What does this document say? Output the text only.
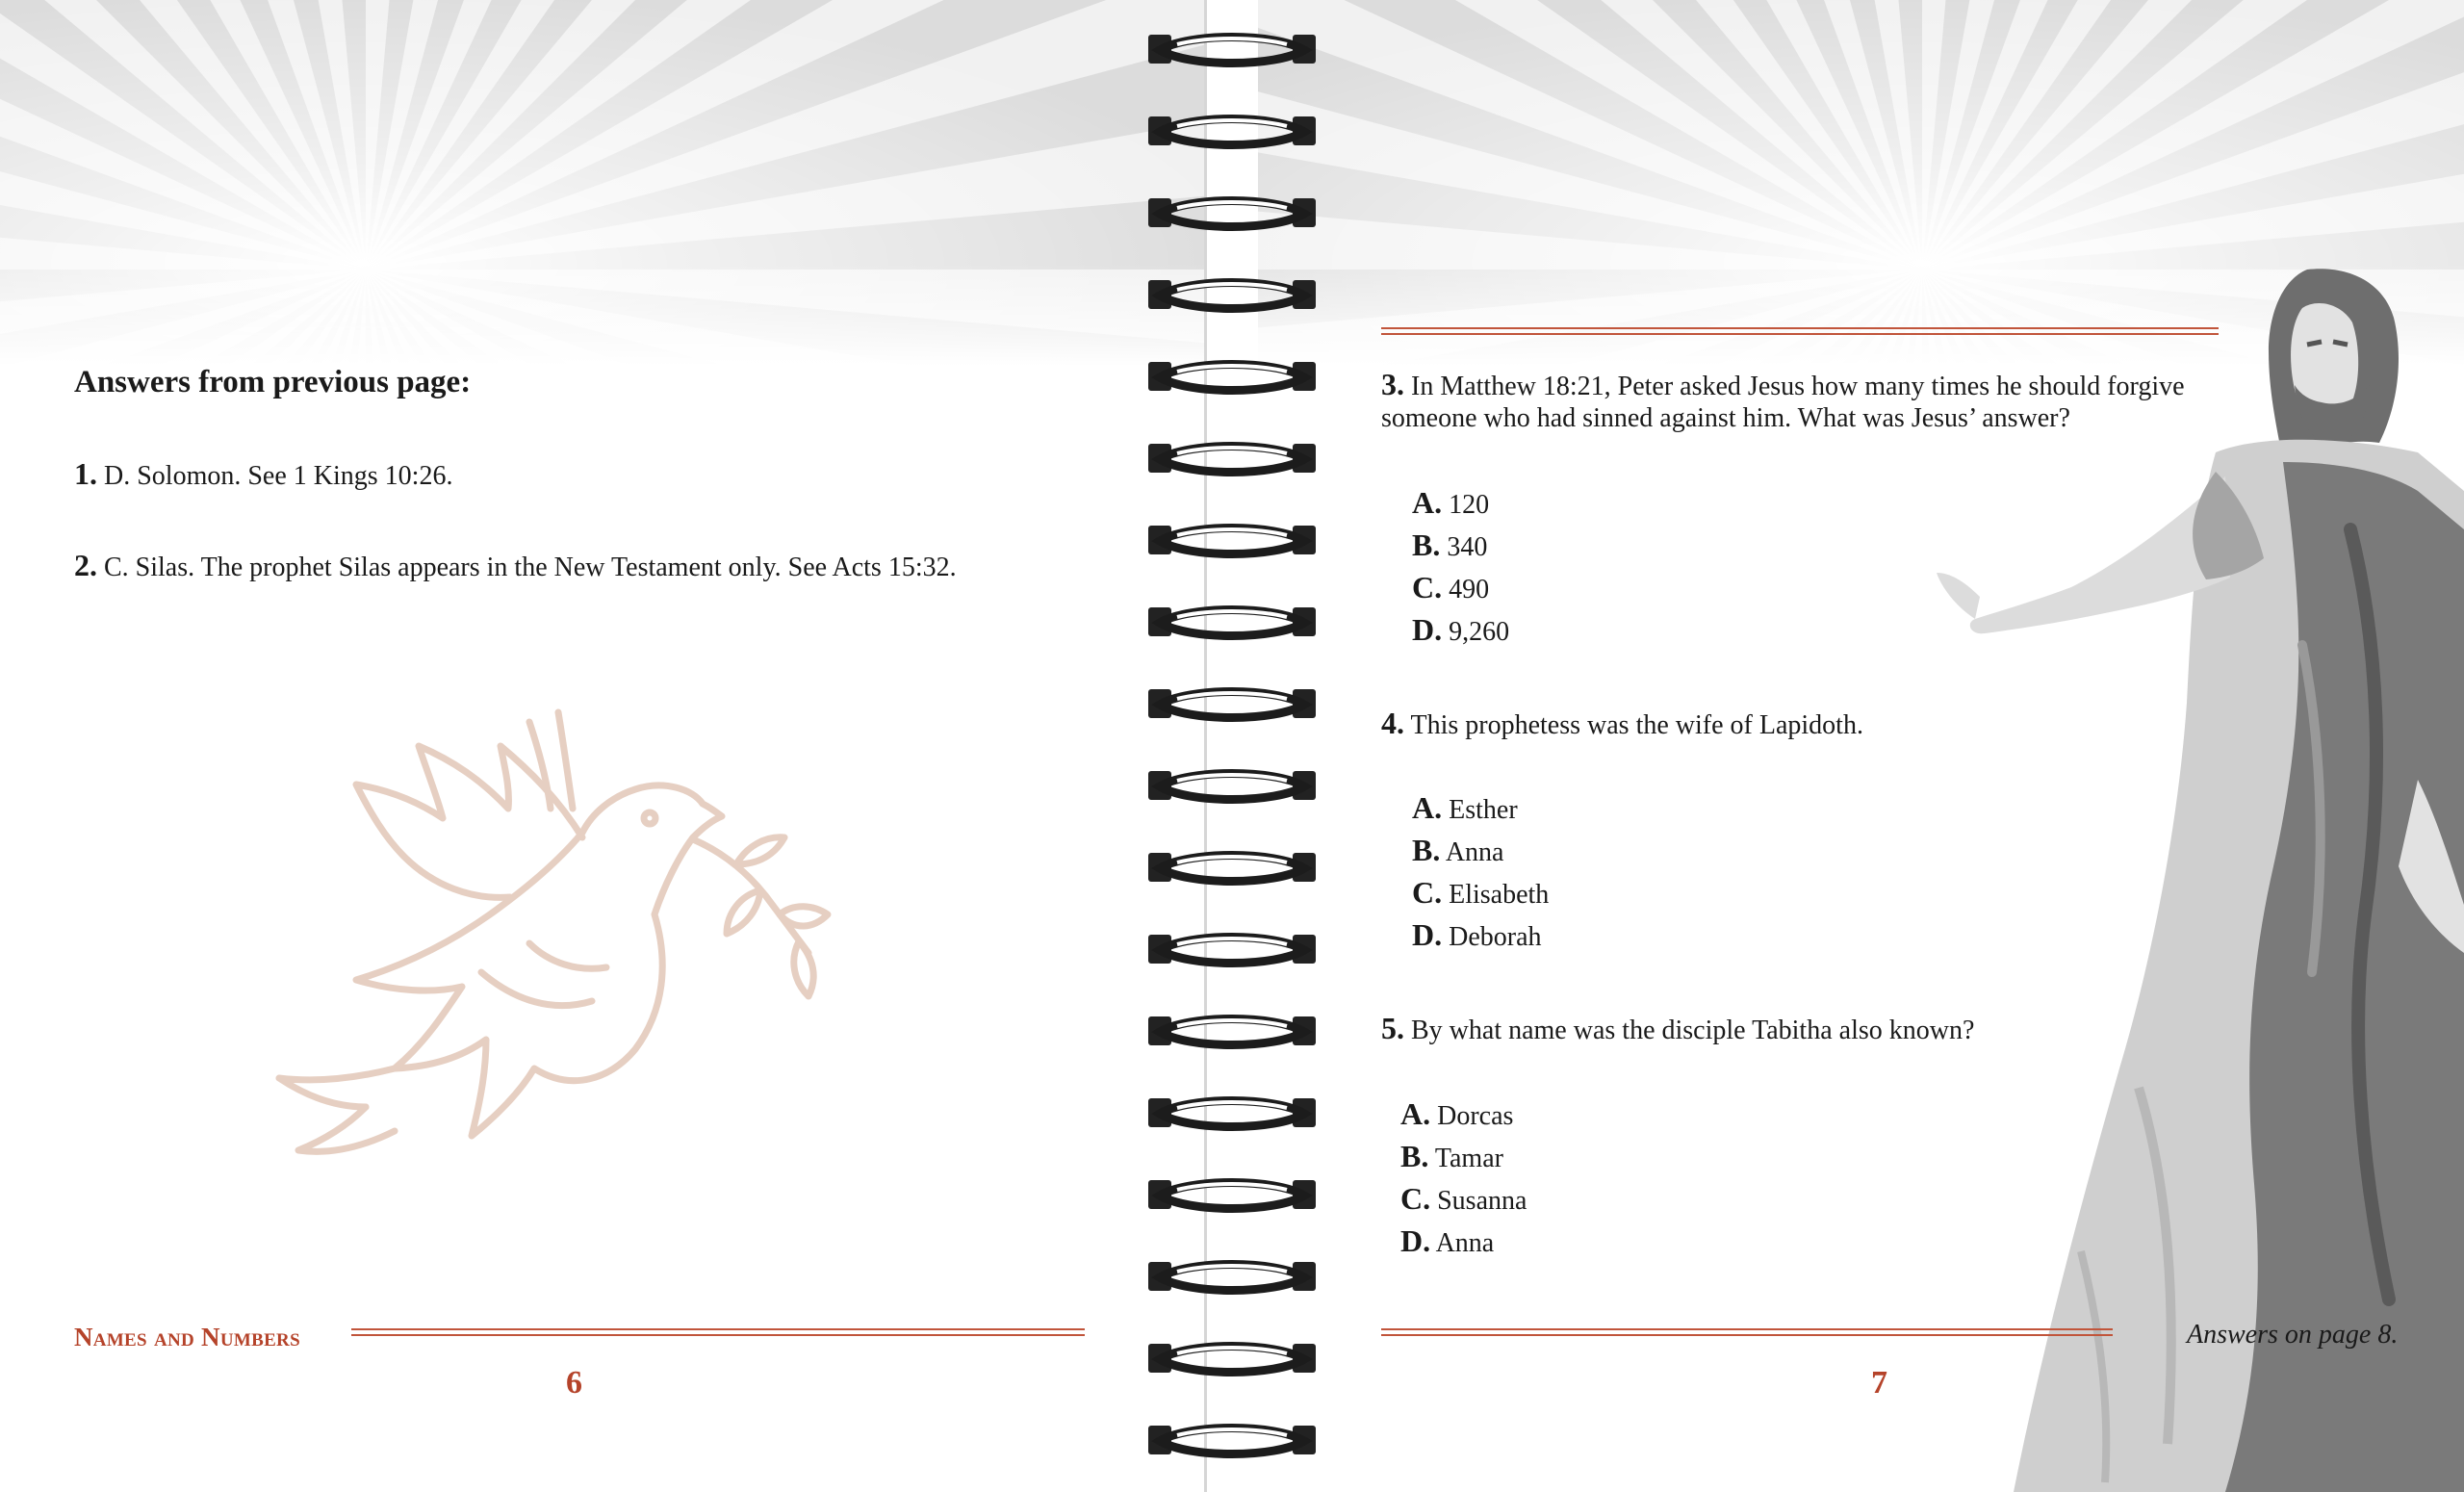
Answers from previous page:
1. D. Solomon. See 1 Kings 10:26.
2. C. Silas. The prophet Silas appears in the New Testament only. See Acts 15:32.
Names and Numbers
6
3. In Matthew 18:21, Peter asked Jesus how many times he should forgive
someone who had sinned against him. What was Jesus’ answer?
A. 120
B. 340
C. 490
D. 9,260
4. This prophetess was the wife of Lapidoth.
A. Esther
B. Anna
C. Elisabeth
D. Deborah
5. By what name was the disciple Tabitha also known?
A. Dorcas
B. Tamar
C. Susanna
D. Anna
Answers on page 8.
7
